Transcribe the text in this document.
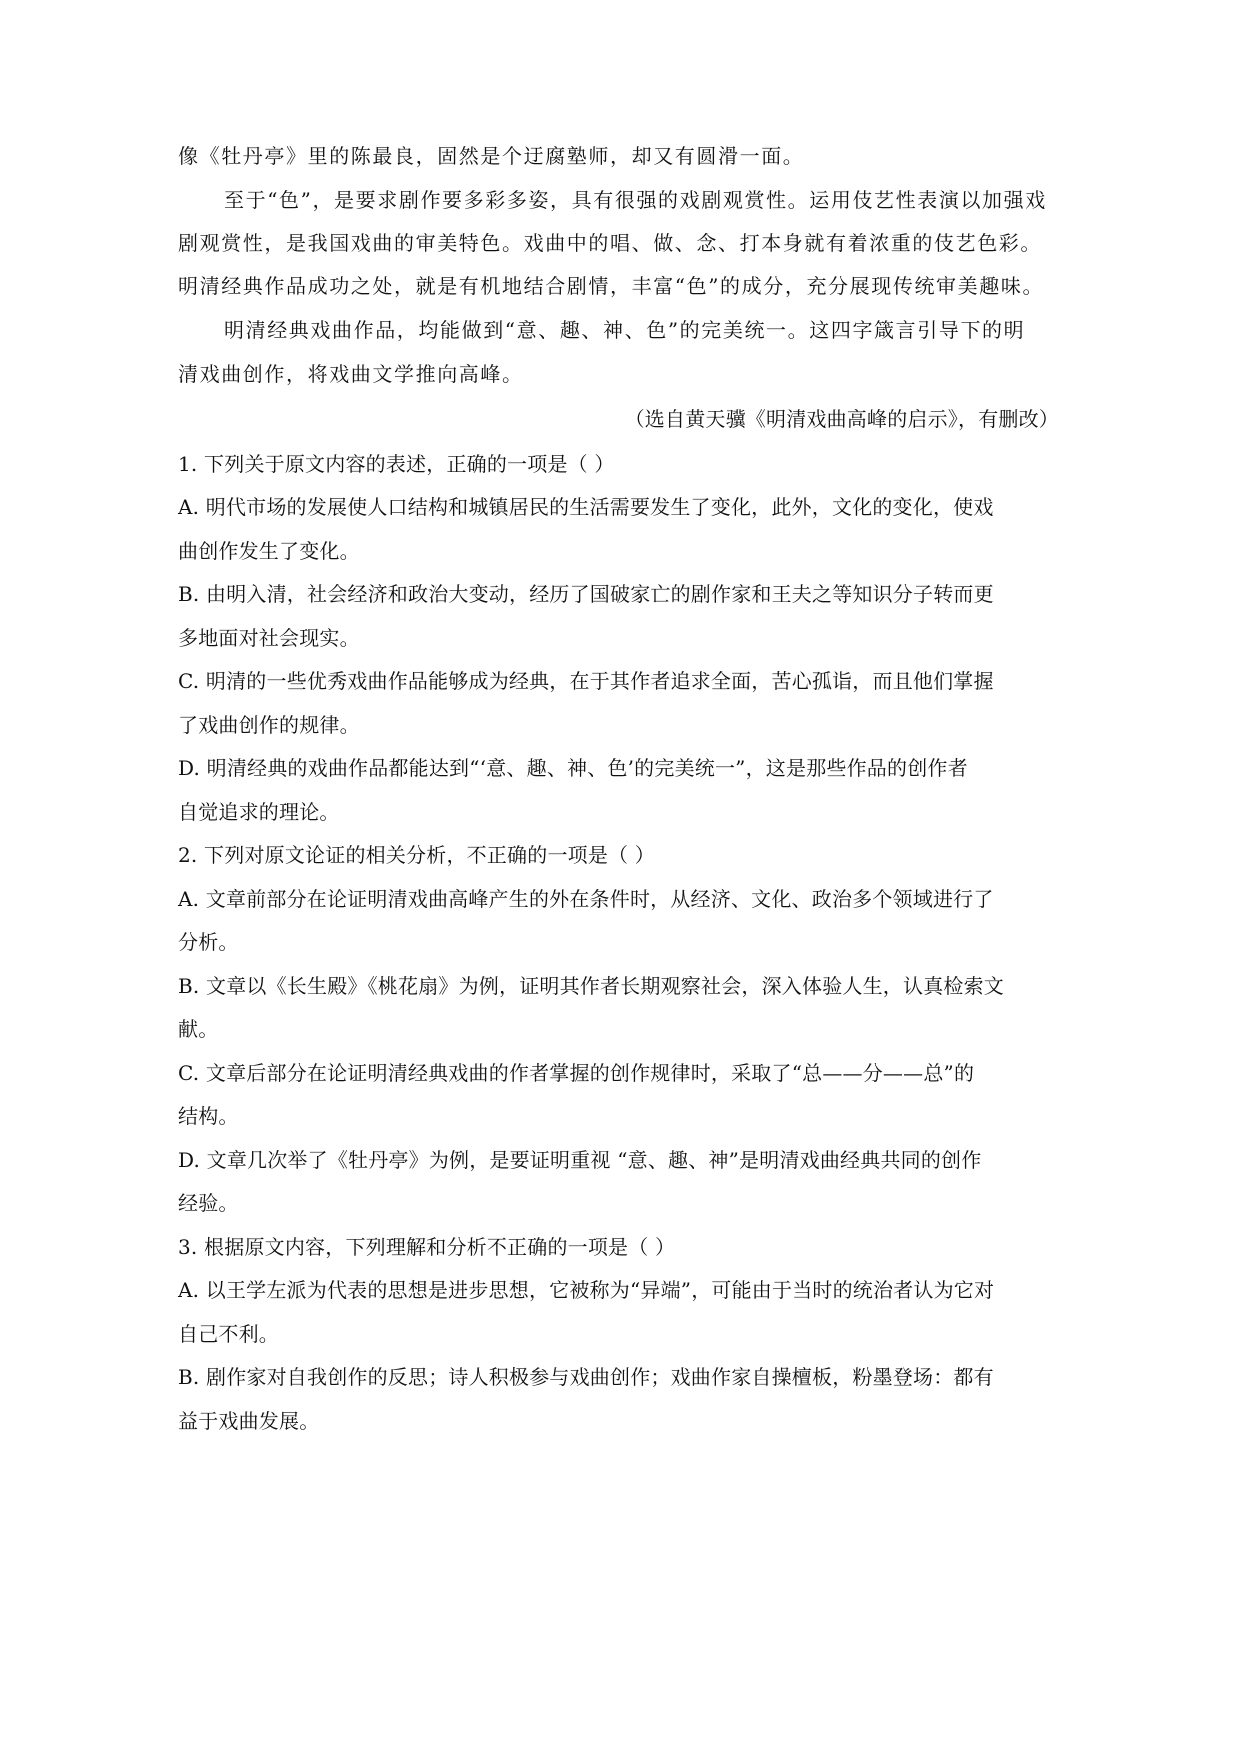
像《牡丹亭》里的陈最良，固然是个迂腐塾师，却又有圆滑一面。
至于“色”，是要求剧作要多彩多姿，具有很强的戏剧观赏性。运用伎艺性表演以加强戏
剧观赏性，是我国戏曲的审美特色。戏曲中的唱、做、念、打本身就有着浓重的伎艺色彩。
明清经典作品成功之处，就是有机地结合剧情，丰富“色”的成分，充分展现传统审美趣味。
明清经典戏曲作品，均能做到“意、趣、神、色”的完美统一。这四字箴言引导下的明
清戏曲创作，将戏曲文学推向高峰。
（选自黄天骥《明清戏曲高峰的启示》，有删改）
1. 下列关于原文内容的表述，正确的一项是（ ）
A. 明代市场的发展使人口结构和城镇居民的生活需要发生了变化，此外，文化的变化，使戏
曲创作发生了变化。
B. 由明入清，社会经济和政治大变动，经历了国破家亡的剧作家和王夫之等知识分子转而更
多地面对社会现实。
C. 明清的一些优秀戏曲作品能够成为经典，在于其作者追求全面，苦心孤诣，而且他们掌握
了戏曲创作的规律。
D. 明清经典的戏曲作品都能达到“‘意、趣、神、色’的完美统一”，这是那些作品的创作者
自觉追求的理论。
2. 下列对原文论证的相关分析，不正确的一项是（ ）
A. 文章前部分在论证明清戏曲高峰产生的外在条件时，从经济、文化、政治多个领域进行了
分析。
B. 文章以《长生殿》《桃花扇》为例，证明其作者长期观察社会，深入体验人生，认真检索文
献。
C. 文章后部分在论证明清经典戏曲的作者掌握的创作规律时，采取了“总——分——总”的
结构。
D. 文章几次举了《牡丹亭》为例，是要证明重视 “意、趣、神”是明清戏曲经典共同的创作
经验。
3. 根据原文内容，下列理解和分析不正确的一项是（ ）
A. 以王学左派为代表的思想是进步思想，它被称为“异端”，可能由于当时的统治者认为它对
自己不利。
B. 剧作家对自我创作的反思；诗人积极参与戏曲创作；戏曲作家自操檀板，粉墨登场：都有
益于戏曲发展。
